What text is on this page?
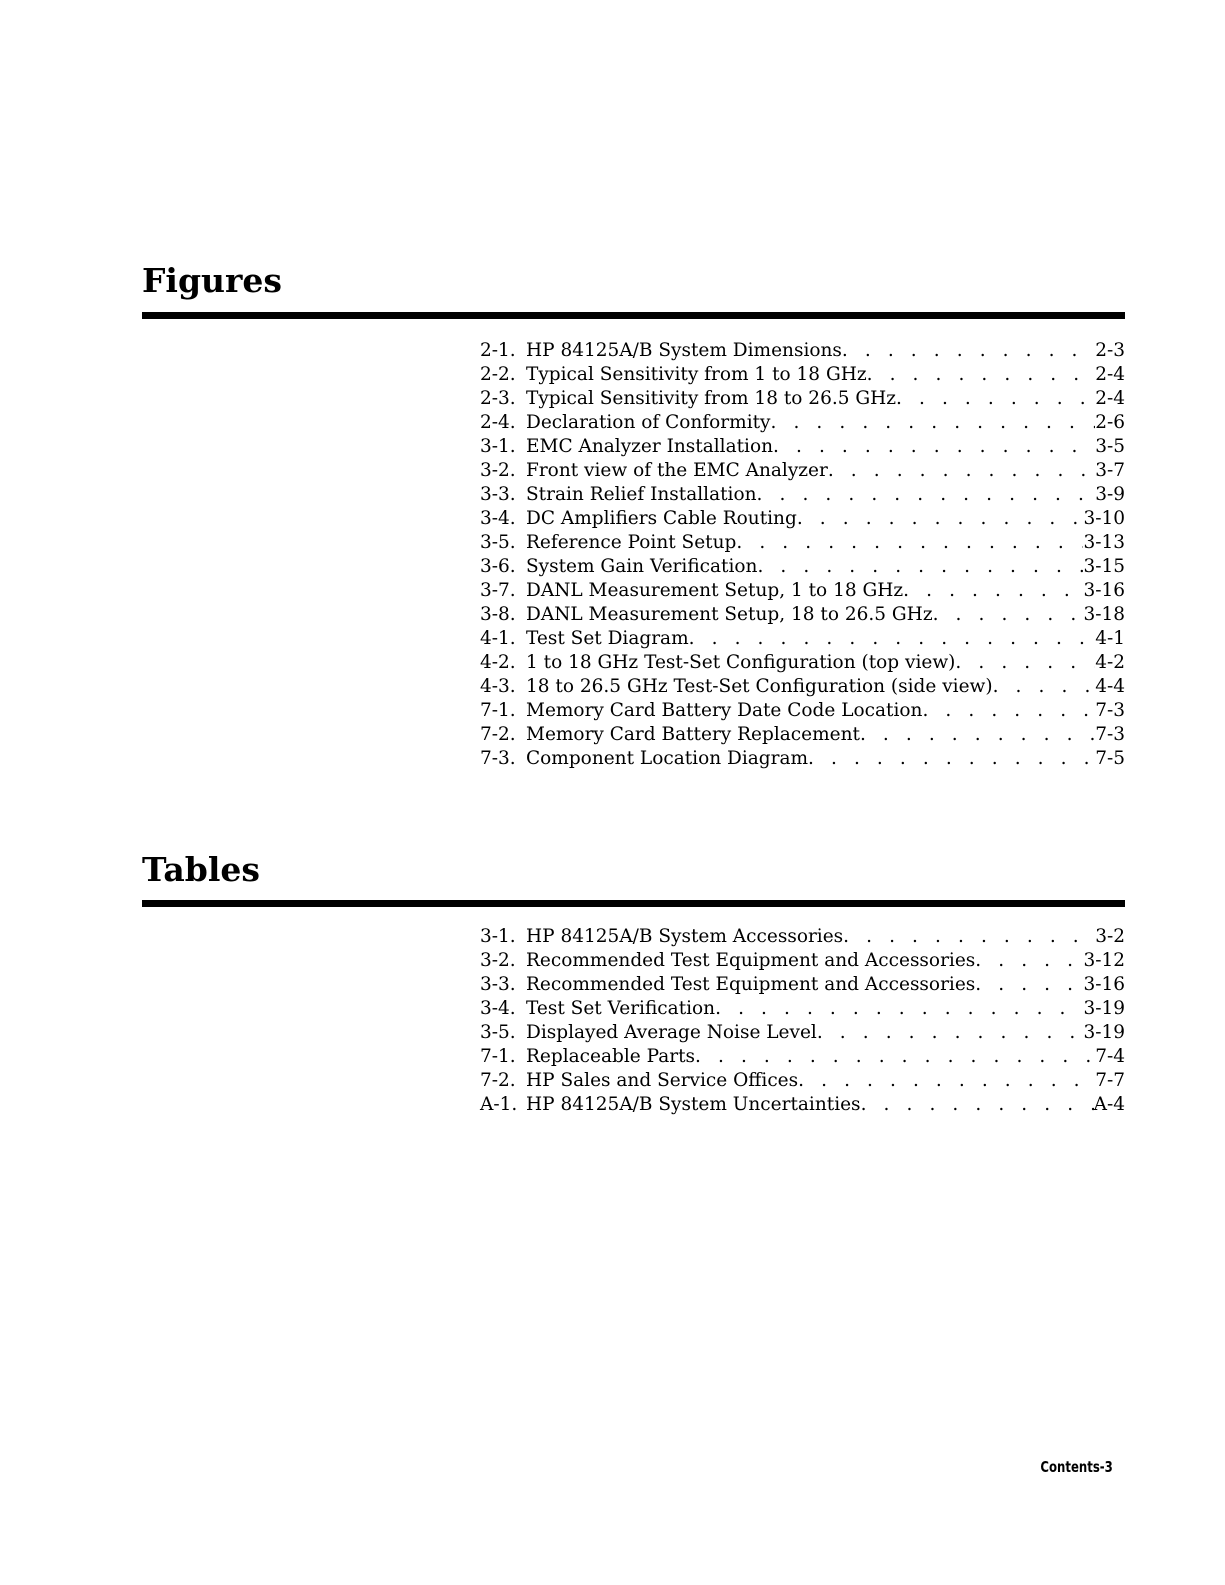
Figures
2-1. HP 84125A/B System Dimensions . . .	2-3
2-2. Typical Sensitivity from 1 to 18 GHz . . .	2-4
2-3. Typical Sensitivity from 18 to 26.5 GHz . . .	2-4
2-4. Declaration of Conformity . . .	2-6
3-1. EMC Analyzer Installation . . .	3-5
3-2. Front view of the EMC Analyzer . . .	3-7
3-3. Strain Relief Installation . . .	3-9
3-4. DC Amplifiers Cable Routing . . .	3-10
3-5. Reference Point Setup . . .	3-13
3-6. System Gain Verification . . .	3-15
3-7. DANL Measurement Setup, 1 to 18 GHz . . .	3-16
3-8. DANL Measurement Setup, 18 to 26.5 GHz . . .	3-18
4-1. Test Set Diagram . . .	4-1
4-2. 1 to 18 GHz Test-Set Configuration (top view) . . .	4-2
4-3. 18 to 26.5 GHz Test-Set Configuration (side view) . . .	4-4
7-1. Memory Card Battery Date Code Location . . .	7-3
7-2. Memory Card Battery Replacement . . .	7-3
7-3. Component Location Diagram . . .	7-5
Tables
3-1. HP 84125A/B System Accessories . . .	3-2
3-2. Recommended Test Equipment and Accessories . . .	3-12
3-3. Recommended Test Equipment and Accessories . . .	3-16
3-4. Test Set Verification . . .	3-19
3-5. Displayed Average Noise Level . . .	3-19
7-1. Replaceable Parts . . .	7-4
7-2. HP Sales and Service Offices . . .	7-7
A-1. HP 84125A/B System Uncertainties . . .	A-4
Contents-3
